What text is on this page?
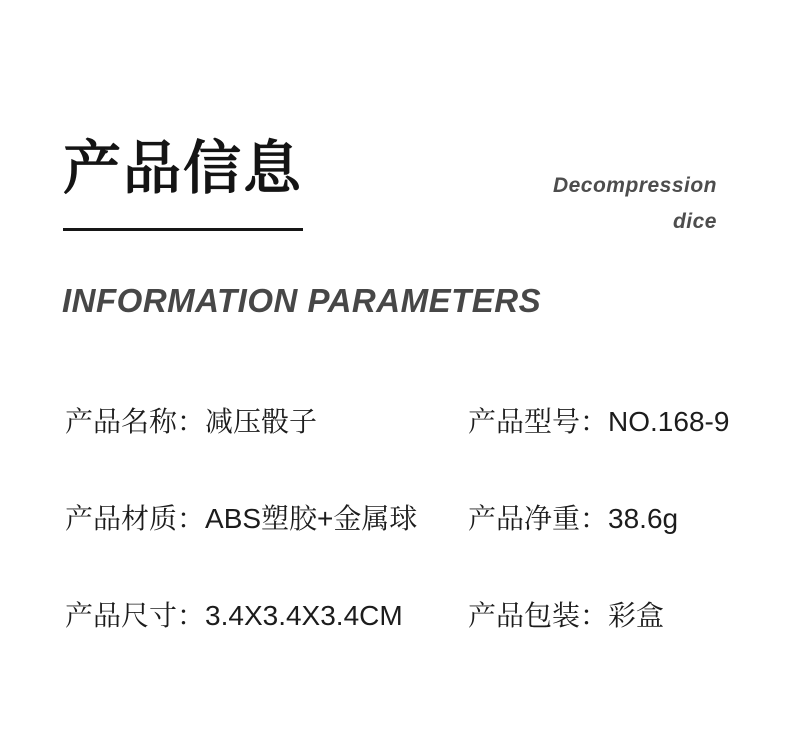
产品信息	Decompression
dice
INFORMATION PARAMETERS
产品名称：减压骰子	产品型号：NO.168-9
产品材质：ABS塑胶+金属球	产品净重：38.6g
产品尺寸：3.4X3.4X3.4CM	产品包装：彩盒
